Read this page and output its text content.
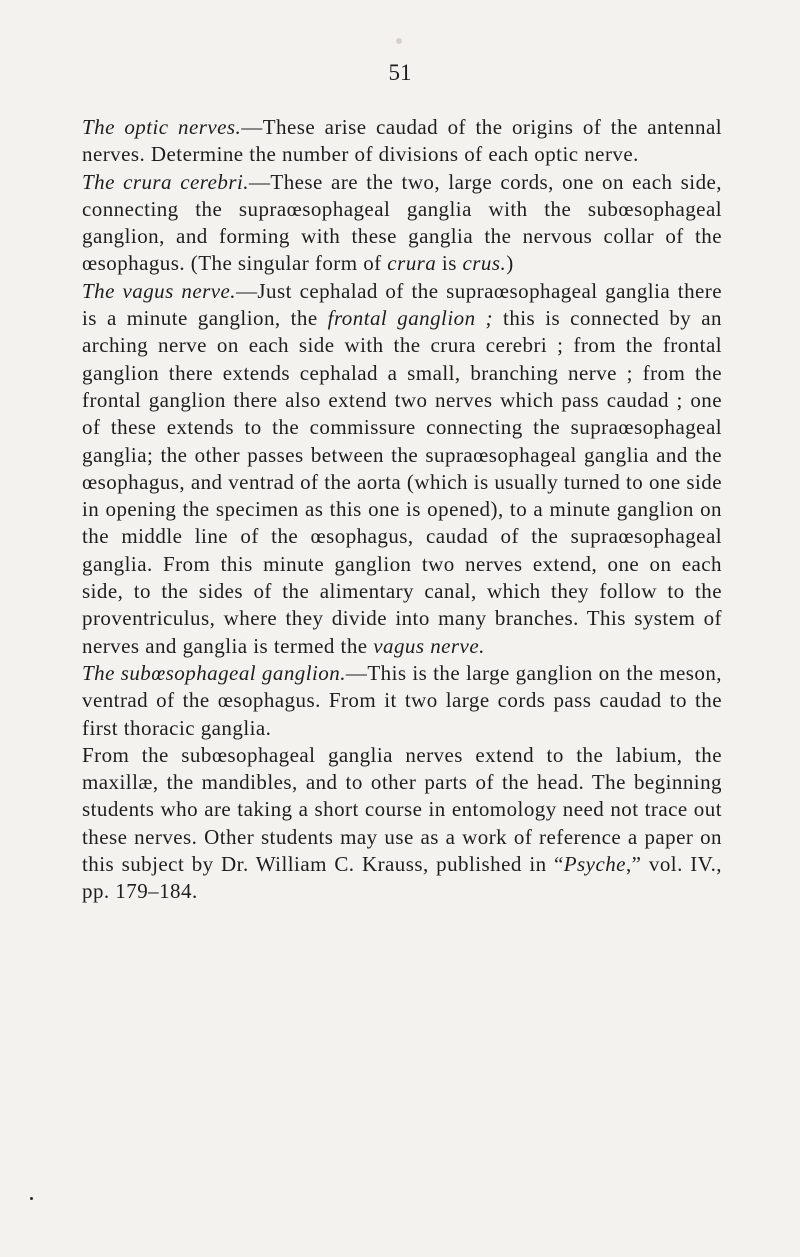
51

The optic nerves.—These arise caudad of the origins of the antennal nerves. Determine the number of divisions of each optic nerve.

The crura cerebri.—These are the two, large cords, one on each side, connecting the supraœsophageal ganglia with the subœsophageal ganglion, and forming with these ganglia the nervous collar of the œsophagus. (The singular form of crura is crus.)

The vagus nerve.—Just cephalad of the supraœsophageal ganglia there is a minute ganglion, the frontal ganglion ; this is connected by an arching nerve on each side with the crura cerebri ; from the frontal ganglion there extends cephalad a small, branching nerve ; from the frontal ganglion there also extend two nerves which pass caudad ; one of these extends to the commissure connecting the supraœsophageal ganglia; the other passes between the supraœsophageal ganglia and the œsophagus, and ventrad of the aorta (which is usually turned to one side in opening the specimen as this one is opened), to a minute ganglion on the middle line of the œsophagus, caudad of the supraœsophageal ganglia. From this minute ganglion two nerves extend, one on each side, to the sides of the alimentary canal, which they follow to the proventriculus, where they divide into many branches. This system of nerves and ganglia is termed the vagus nerve.

The subœsophageal ganglion.—This is the large ganglion on the meson, ventrad of the œsophagus. From it two large cords pass caudad to the first thoracic ganglia.

From the subœsophageal ganglia nerves extend to the labium, the maxillæ, the mandibles, and to other parts of the head. The beginning students who are taking a short course in entomology need not trace out these nerves. Other students may use as a work of reference a paper on this subject by Dr. William C. Krauss, published in “Psyche,” vol. IV., pp. 179–184.
